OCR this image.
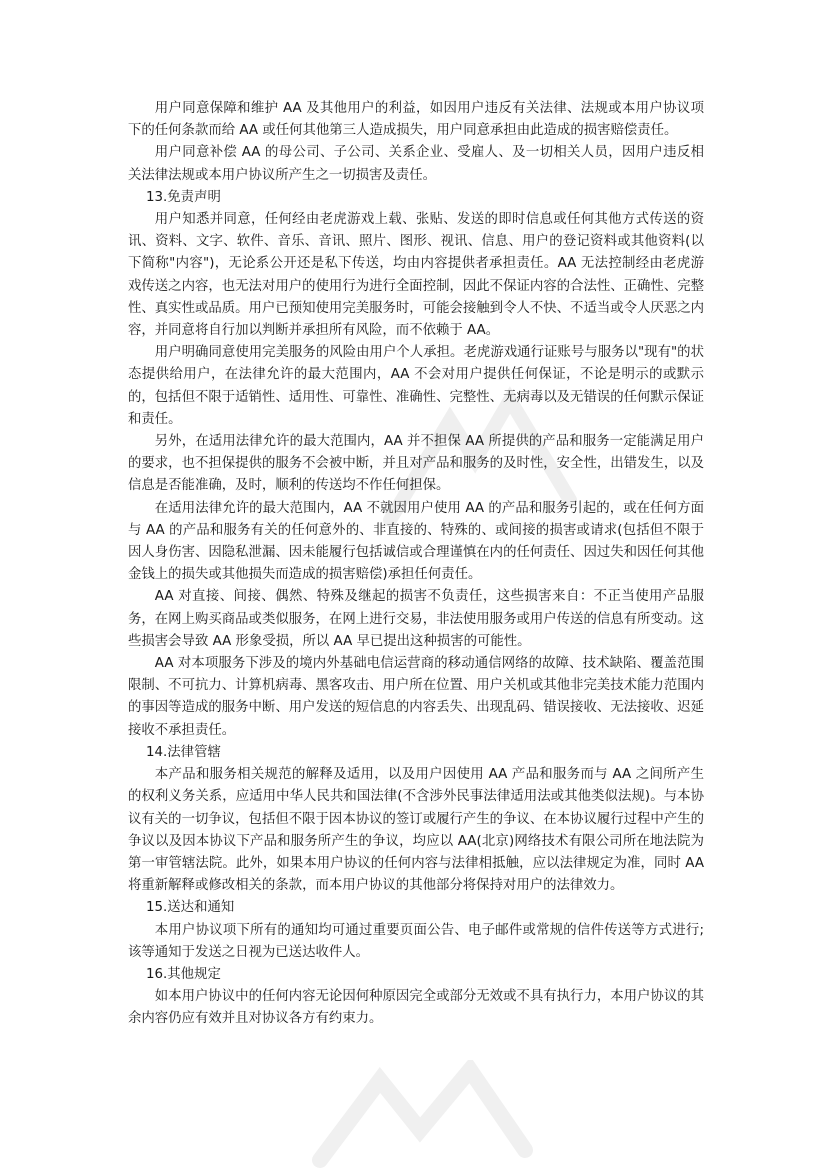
用户同意保障和维护 AA 及其他用户的利益，如因用户违反有关法律、法规或本用户协议项下的任何条款而给 AA 或任何其他第三人造成损失，用户同意承担由此造成的损害赔偿责任。

用户同意补偿 AA 的母公司、子公司、关系企业、受雇人、及一切相关人员，因用户违反相关法律法规或本用户协议所产生之一切损害及责任。

13.免责声明

用户知悉并同意，任何经由老虎游戏上载、张贴、发送的即时信息或任何其他方式传送的资讯、资料、文字、软件、音乐、音讯、照片、图形、视讯、信息、用户的登记资料或其他资料(以下简称"内容")，无论系公开还是私下传送，均由内容提供者承担责任。AA 无法控制经由老虎游戏传送之内容，也无法对用户的使用行为进行全面控制，因此不保证内容的合法性、正确性、完整性、真实性或品质。用户已预知使用完美服务时，可能会接触到令人不快、不适当或令人厌恶之内容，并同意将自行加以判断并承担所有风险，而不依赖于 AA。

用户明确同意使用完美服务的风险由用户个人承担。老虎游戏通行证账号与服务以"现有"的状态提供给用户，在法律允许的最大范围内，AA 不会对用户提供任何保证，不论是明示的或默示的，包括但不限于适销性、适用性、可靠性、准确性、完整性、无病毒以及无错误的任何默示保证和责任。

另外，在适用法律允许的最大范围内，AA 并不担保 AA 所提供的产品和服务一定能满足用户的要求，也不担保提供的服务不会被中断，并且对产品和服务的及时性，安全性，出错发生，以及信息是否能准确，及时，顺利的传送均不作任何担保。

在适用法律允许的最大范围内，AA 不就因用户使用 AA 的产品和服务引起的，或在任何方面与 AA 的产品和服务有关的任何意外的、非直接的、特殊的、或间接的损害或请求(包括但不限于因人身伤害、因隐私泄漏、因未能履行包括诚信或合理谨慎在内的任何责任、因过失和因任何其他金钱上的损失或其他损失而造成的损害赔偿)承担任何责任。

AA 对直接、间接、偶然、特殊及继起的损害不负责任，这些损害来自：不正当使用产品服务，在网上购买商品或类似服务，在网上进行交易，非法使用服务或用户传送的信息有所变动。这些损害会导致 AA 形象受损，所以 AA 早已提出这种损害的可能性。

AA 对本项服务下涉及的境内外基础电信运营商的移动通信网络的故障、技术缺陷、覆盖范围限制、不可抗力、计算机病毒、黑客攻击、用户所在位置、用户关机或其他非完美技术能力范围内的事因等造成的服务中断、用户发送的短信息的内容丢失、出现乱码、错误接收、无法接收、迟延接收不承担责任。

14.法律管辖

本产品和服务相关规范的解释及适用，以及用户因使用 AA 产品和服务而与 AA 之间所产生的权利义务关系，应适用中华人民共和国法律(不含涉外民事法律适用法或其他类似法规)。与本协议有关的一切争议，包括但不限于因本协议的签订或履行产生的争议、在本协议履行过程中产生的争议以及因本协议下产品和服务所产生的争议，均应以 AA(北京)网络技术有限公司所在地法院为第一审管辖法院。此外，如果本用户协议的任何内容与法律相抵触，应以法律规定为准，同时 AA 将重新解释或修改相关的条款，而本用户协议的其他部分将保持对用户的法律效力。

15.送达和通知

本用户协议项下所有的通知均可通过重要页面公告、电子邮件或常规的信件传送等方式进行;该等通知于发送之日视为已送达收件人。

16.其他规定

如本用户协议中的任何内容无论因何种原因完全或部分无效或不具有执行力，本用户协议的其余内容仍应有效并且对协议各方有约束力。
